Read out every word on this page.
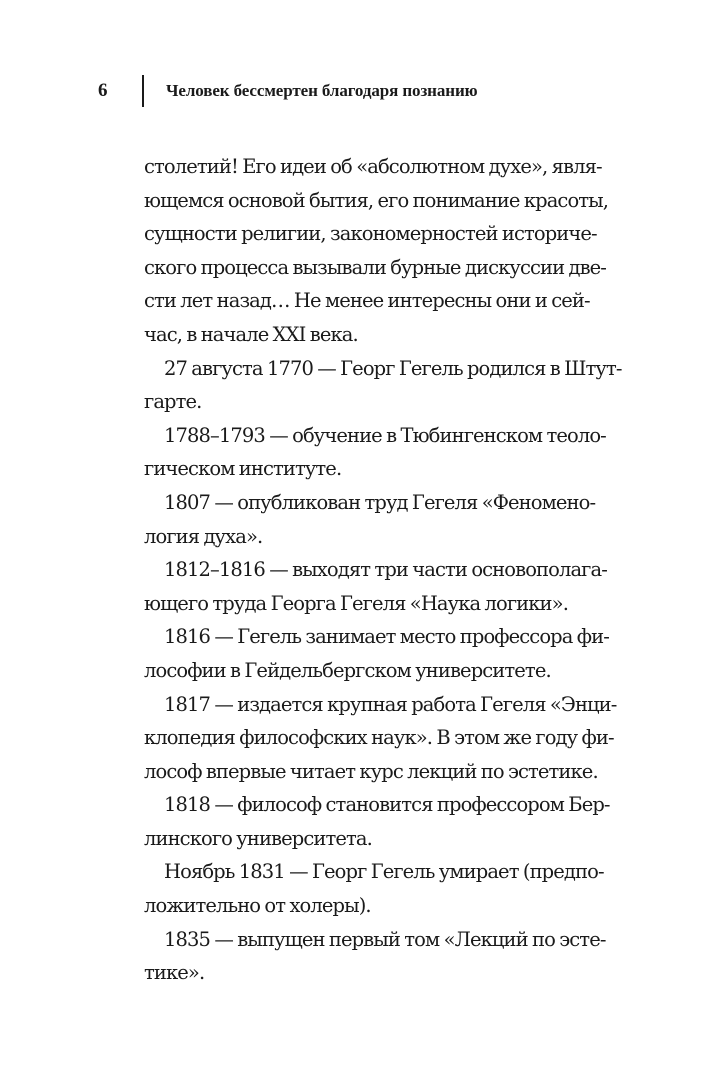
6	Человек бессмертен благодаря познанию

столетий! Его идеи об «абсолютном духе», явля-
ющемся основой бытия, его понимание красоты,
сущности религии, закономерностей историче-
ского процесса вызывали бурные дискуссии две-
сти лет назад… Не менее интересны они и сей-
час, в начале XXI века.

27 августа 1770 — Георг Гегель родился в Штут-
гарте.

1788–1793 — обучение в Тюбингенском теоло-
гическом институте.

1807 — опубликован труд Гегеля «Феномено-
логия духа».

1812–1816 — выходят три части основополага-
ющего труда Георга Гегеля «Наука логики».

1816 — Гегель занимает место профессора фи-
лософии в Гейдельбергском университете.

1817 — издается крупная работа Гегеля «Энци-
клопедия философских наук». В этом же году фи-
лософ впервые читает курс лекций по эстетике.

1818 — философ становится профессором Бер-
линского университета.

Ноябрь 1831 — Георг Гегель умирает (предпо-
ложительно от холеры).

1835 — выпущен первый том «Лекций по эсте-
тике».
